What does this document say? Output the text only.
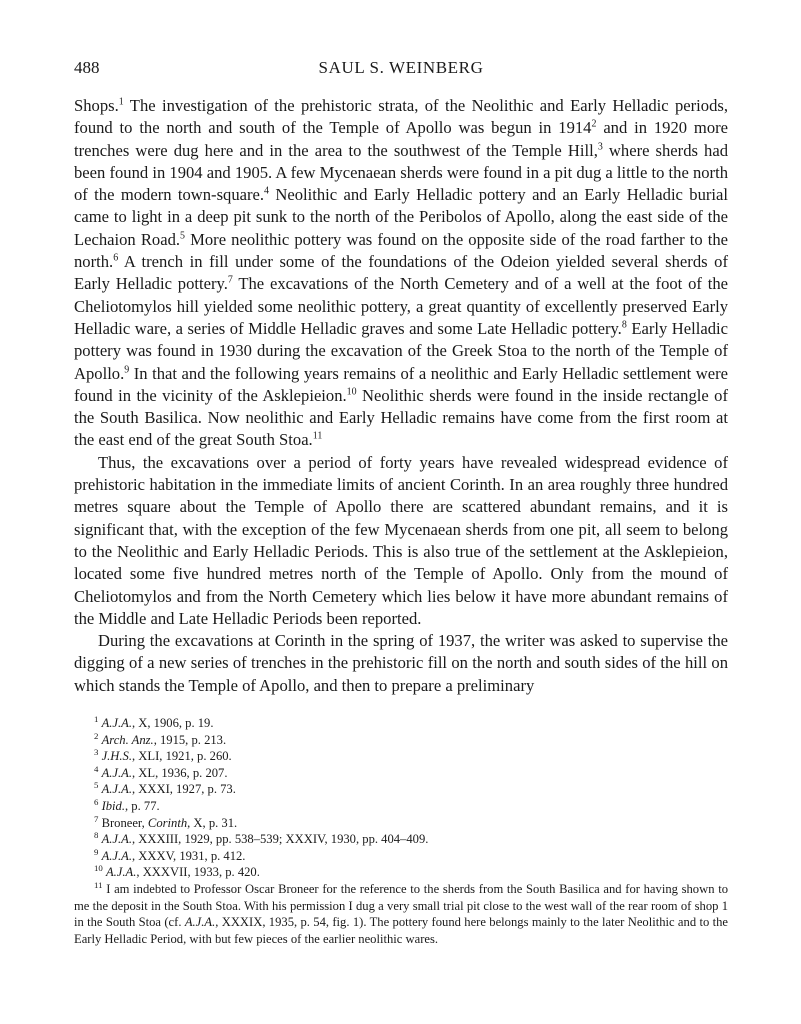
488	SAUL S. WEINBERG

Shops.$^1$ The investigation of the prehistoric strata, of the Neolithic and Early Helladic periods, found to the north and south of the Temple of Apollo was begun in 1914$^2$ and in 1920 more trenches were dug here and in the area to the southwest of the Temple Hill,$^3$ where sherds had been found in 1904 and 1905. A few Mycenaean sherds were found in a pit dug a little to the north of the modern town-square.$^4$ Neolithic and Early Helladic pottery and an Early Helladic burial came to light in a deep pit sunk to the north of the Peribolos of Apollo, along the east side of the Lechaion Road.$^5$ More neolithic pottery was found on the opposite side of the road farther to the north.$^6$ A trench in fill under some of the foundations of the Odeion yielded several sherds of Early Helladic pottery.$^7$ The excavations of the North Cemetery and of a well at the foot of the Cheliotomylos hill yielded some neolithic pottery, a great quantity of excellently preserved Early Helladic ware, a series of Middle Helladic graves and some Late Helladic pottery.$^8$ Early Helladic pottery was found in 1930 during the excavation of the Greek Stoa to the north of the Temple of Apollo.$^9$ In that and the following years remains of a neolithic and Early Helladic settlement were found in the vicinity of the Asklepieion.$^{10}$ Neolithic sherds were found in the inside rectangle of the South Basilica. Now neolithic and Early Helladic remains have come from the first room at the east end of the great South Stoa.$^{11}$

Thus, the excavations over a period of forty years have revealed widespread evidence of prehistoric habitation in the immediate limits of ancient Corinth. In an area roughly three hundred metres square about the Temple of Apollo there are scattered abundant remains, and it is significant that, with the exception of the few Mycenaean sherds from one pit, all seem to belong to the Neolithic and Early Helladic Periods. This is also true of the settlement at the Asklepieion, located some five hundred metres north of the Temple of Apollo. Only from the mound of Cheliotomylos and from the North Cemetery which lies below it have more abundant remains of the Middle and Late Helladic Periods been reported.

During the excavations at Corinth in the spring of 1937, the writer was asked to supervise the digging of a new series of trenches in the prehistoric fill on the north and south sides of the hill on which stands the Temple of Apollo, and then to prepare a preliminary

$^1$ A.J.A., X, 1906, p. 19.
$^2$ Arch. Anz., 1915, p. 213.
$^3$ J.H.S., XLI, 1921, p. 260.
$^4$ A.J.A., XL, 1936, p. 207.
$^5$ A.J.A., XXXI, 1927, p. 73.
$^6$ Ibid., p. 77.
$^7$ Broneer, Corinth, X, p. 31.
$^8$ A.J.A., XXXIII, 1929, pp. 538–539; XXXIV, 1930, pp. 404–409.
$^9$ A.J.A., XXXV, 1931, p. 412.
$^{10}$ A.J.A., XXXVII, 1933, p. 420.
$^{11}$ I am indebted to Professor Oscar Broneer for the reference to the sherds from the South Basilica and for having shown to me the deposit in the South Stoa. With his permission I dug a very small trial pit close to the west wall of the rear room of shop 1 in the South Stoa (cf. A.J.A., XXXIX, 1935, p. 54, fig. 1). The pottery found here belongs mainly to the later Neolithic and to the Early Helladic Period, with but few pieces of the earlier neolithic wares.
